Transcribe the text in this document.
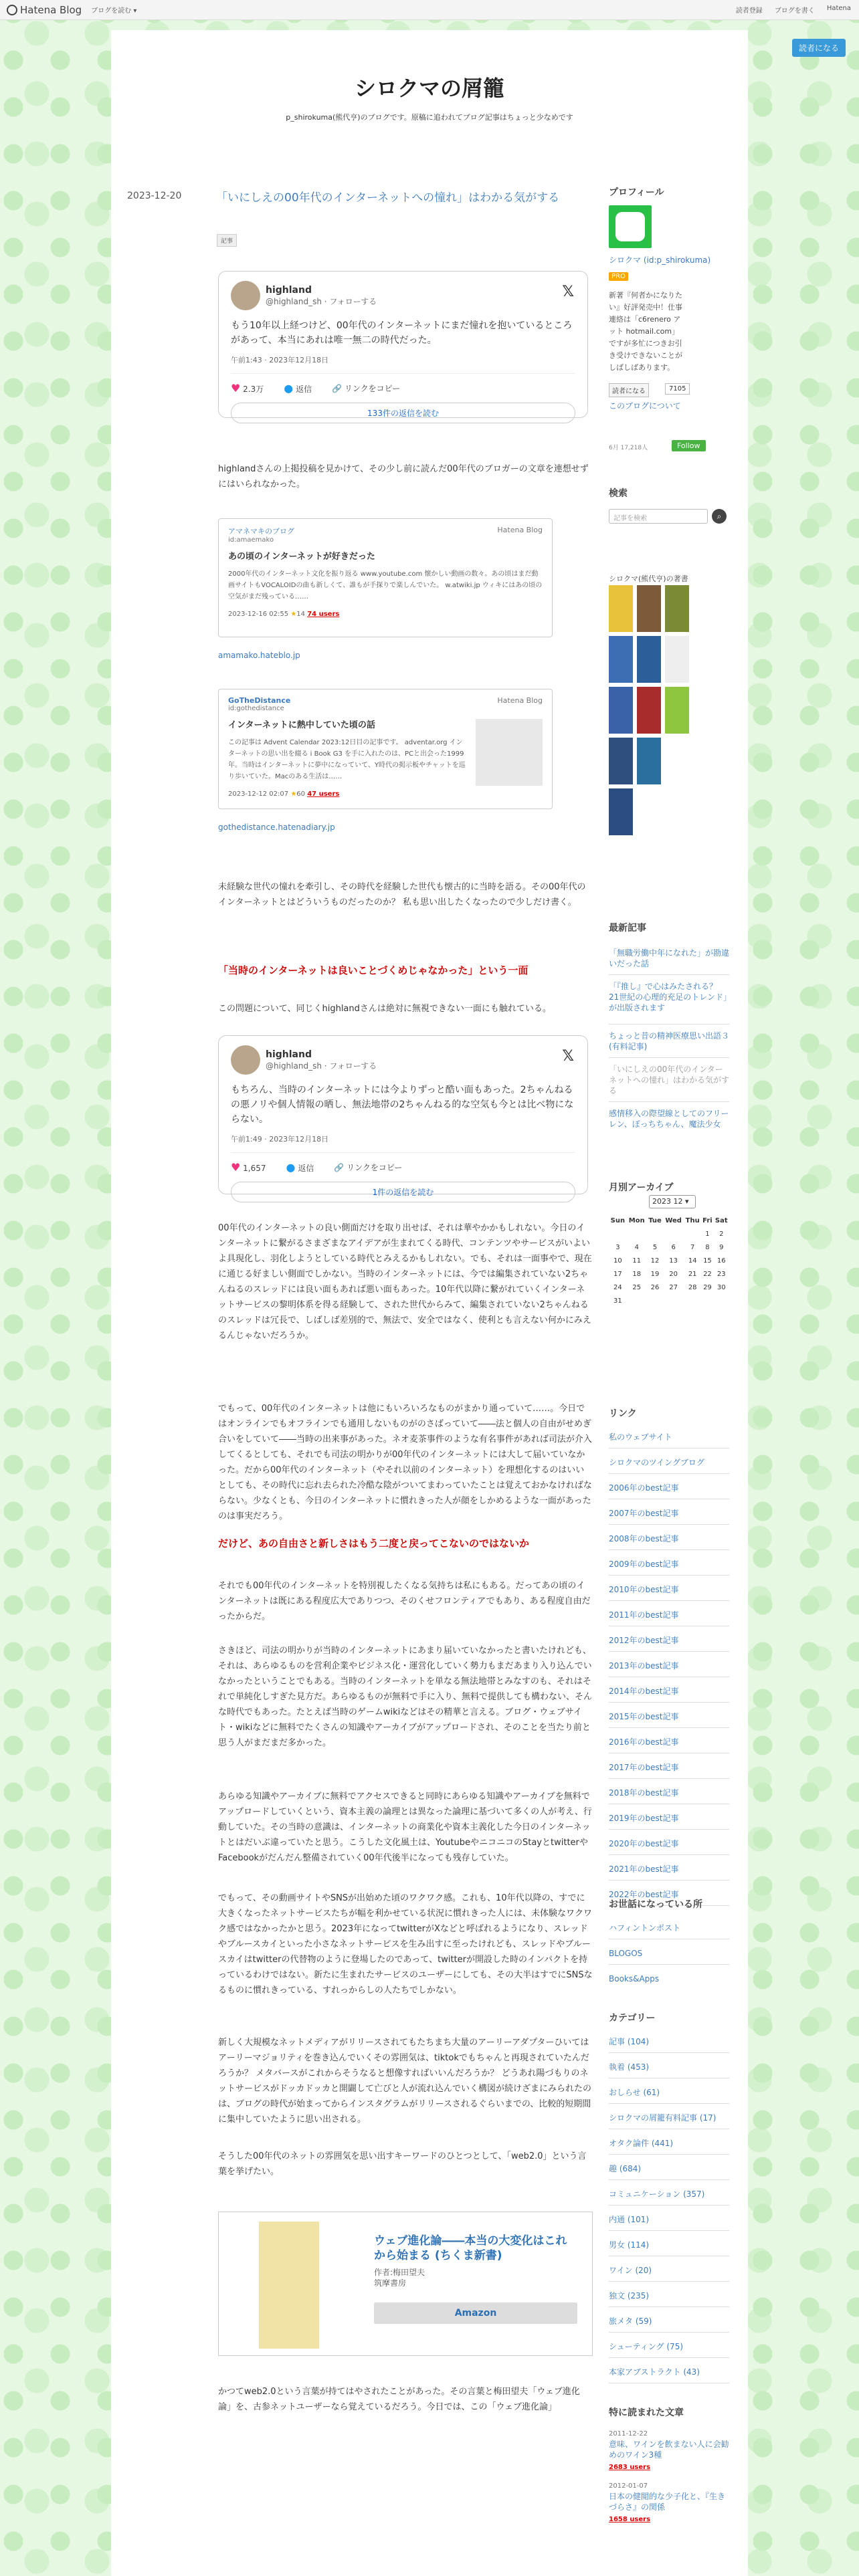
Hatena Blog ブログを読む ▾	読者登録 ブログを書く Hatena
読者になる
シロクマの屑籠

p_shirokuma(熊代亨)のブログです。原稿に追われてブログ記事はちょっと少なめです

2023-12-20	「いにしえの00年代のインターネットへの憧れ」はわかる気がする
記事
highland
@highland_sh · フォローする
𝕏
もう10年以上経つけど、00年代のインターネットにまだ憧れを抱いているところがあって、本当にあれは唯一無二の時代だった。
午前1:43 · 2023年12月18日
♥ 2.3万 ● 返信	🔗 リンクをコピー
133件の返信を読む
highlandさんの上掲投稿を見かけて、その少し前に読んだ00年代のブロガーの文章を連想せずにはいられなかった。
Hatena Blog
アマネマキのブログ
id:amaemako
あの頃のインターネットが好きだった
2000年代のインターネット文化を振り返る www.youtube.com 懐かしい動画の数々。あの頃はまだ動画サイトもVOCALOIDの曲も新しくて、誰もが手探りで楽しんでいた。 w.atwiki.jp ウィキにはあの頃の空気がまだ残っている……
2023-12-16 02:55 ★14 74 users
amamako.hateblo.jp
Hatena Blog
GoTheDistance
id:gothedistance
インターネットに熱中していた頃の話
この記事は Advent Calendar 2023:12日目の記事です。 adventar.org インターネットの思い出を綴る i Book G3 を手に入れたのは、PCと出会った1999年。当時はインターネットに夢中になっていて、Y時代の掲示板やチャットを巡り歩いていた。Macのある生活は……
2023-12-12 02:07 ★60 47 users
gothedistance.hatenadiary.jp
未経験な世代の憧れを牽引し、その時代を経験した世代も懐古的に当時を語る。その00年代のインターネットとはどういうものだったのか？ 私も思い出したくなったので少しだけ書く。
「当時のインターネットは良いことづくめじゃなかった」という一面
この問題について、同じくhighlandさんは絶対に無視できない一面にも触れている。
highland
@highland_sh · フォローする
𝕏
もちろん、当時のインターネットには今よりずっと酷い面もあった。2ちゃんねるの悪ノリや個人情報の晒し、無法地帯の2ちゃんねる的な空気も今とは比べ物にならない。
午前1:49 · 2023年12月18日
♥ 1,657 ● 返信	🔗 リンクをコピー
1件の返信を読む
00年代のインターネットの良い側面だけを取り出せば、それは華やかかもしれない。今日のインターネットに繋がるさまざまなアイデアが生まれてくる時代、コンテンツやサービスがいよいよ具現化し、羽化しようとしている時代とみえるかもしれない。でも、それは一面事やで、現在に通じる好ましい側面でしかない。当時のインターネットには、今では編集されていない2ちゃんねるのスレッドには良い面もあれば悪い面もあった。10年代以降に繋がれていくインターネットサービスの黎明体系を得る経験して、された世代からみて、編集されていない2ちゃんねるのスレッドは冗長で、しばしば差別的で、無法で、安全ではなく、使利とも言えない何かにみえるんじゃないだろうか。
でもって、00年代のインターネットは他にもいろいろなものがまかり通っていて……。今日ではオンラインでもオフラインでも通用しないものがのさばっていて――法と個人の自由がせめぎ合いをしていて――当時の出来事があった。ネオ麦茶事件のような有名事件があれば司法が介入してくるとしても、それでも司法の明かりが00年代のインターネットには大して届いていなかった。だから00年代のインターネット（やそれ以前のインターネット）を理想化するのはいいとしても、その時代に忘れ去られた冷酷な陰がついてまわっていたことは覚えておかなければならない。少なくとも、今日のインターネットに慣れきった人が顔をしかめるような一面があったのは事実だろう。
だけど、あの自由さと新しさはもう二度と戻ってこないのではないか
それでも00年代のインターネットを特別視したくなる気持ちは私にもある。だってあの頃のインターネットは既にある程度広大でありつつ、そのくせフロンティアでもあり、ある程度自由だったからだ。
さきほど、司法の明かりが当時のインターネットにあまり届いていなかったと書いたけれども、それは、あらゆるものを営利企業やビジネス化・運営化していく勢力もまだあまり入り込んでいなかったということでもある。当時のインターネットを単なる無法地帯とみなすのも、それはそれで単純化しすぎた見方だ。あらゆるものが無料で手に入り、無料で提供しても構わない、そんな時代でもあった。たとえば当時のゲームwikiなどはその精華と言える。ブログ・ウェブサイト・wikiなどに無料でたくさんの知識やアーカイブがアップロードされ、そのことを当たり前と思う人がまだまだ多かった。
あらゆる知識やアーカイブに無料でアクセスできると同時にあらゆる知識やアーカイブを無料でアップロードしていくという、資本主義の論理とは異なった論理に基づいて多くの人が考え、行動していた。その当時の意識は、インターネットの商業化や資本主義化した今日のインターネットとはだいぶ違っていたと思う。こうした文化風土は、YoutubeやニコニコのStayとtwitterやFacebookがだんだん整備されていく00年代後半になっても残存していた。
でもって、その動画サイトやSNSが出始めた頃のワクワク感。これも、10年代以降の、すでに大きくなったネットサービスたちが幅を利かせている状況に慣れきった人には、未体験なワクワク感ではなかったかと思う。2023年になってtwitterがXなどと呼ばれるようになり、スレッドやブルースカイといった小さなネットサービスを生み出すに至ったけれども、スレッドやブルースカイはtwitterの代替物のように登場したのであって、twitterが開設した時のインパクトを持っているわけではない。新たに生まれたサービスのユーザーにしても、その大半はすでにSNSなるものに慣れきっている、すれっからしの人たちでしかない。
新しく大規模なネットメディアがリリースされてもたちまち大量のアーリーアダプターひいてはアーリーマジョリティを巻き込んでいくその雰囲気は、tiktokでもちゃんと再現されていたんだろうか？ メタバースがこれからそうなると想像すればいいんだろうか？ どうあれ陽づもりのネットサービスがドッカドッカと開闢して亡びと人が流れ込んでいく構図が続けざまにみられたのは、ブログの時代が始まってからインスタグラムがリリースされるぐらいまでの、比較的短期間に集中していたように思い出される。
そうした00年代のネットの雰囲気を思い出すキーワードのひとつとして、「web2.0」という言葉を挙げたい。
ウェブ進化論――本当の大変化はこれから始まる (ちくま新書)
作者:梅田望夫
筑摩書房
Amazon
かつてweb2.0という言葉が持てはやされたことがあった。その言葉と梅田望夫「ウェブ進化論」を、古参ネットユーザーなら覚えているだろう。今日では、この「ウェブ進化論」
プロフィール
シロクマ (id:p_shirokuma)
PRO
新著『何者かになりたい』好評発売中！仕事連絡は「c6renero アット hotmail.com」ですが多忙につきお引き受けできないことがしばしばあります。
読者になる	7105
このブログについて
6月 17,218人	Follow
検索
記事を検索	⌕
シロクマ(熊代亨)の著書
最新記事
「無職労働中年になれた」が勘違いだった話
「『推し』で心はみたされる？ 21世紀の心理的充足のトレンド」が出版されます
ちょっと昔の精神医療思い出語３(有料記事)
「いにしえの00年代のインターネットへの憧れ」はわかる気がする
感情移入の際望線としてのフリーレン、ぼっちちゃん、魔法少女
月別アーカイブ
2023 12 ▾
Sun	Mon	Tue	Wed	Thu	Fri	Sat
					1	2
3	4	5	6	7	8	9
10	11	12	13	14	15	16
17	18	19	20	21	22	23
24	25	26	27	28	29	30
31						
リンク
私のウェブサイト
シロクマのツイングブログ
2006年のbest記事
2007年のbest記事
2008年のbest記事
2009年のbest記事
2010年のbest記事
2011年のbest記事
2012年のbest記事
2013年のbest記事
2014年のbest記事
2015年のbest記事
2016年のbest記事
2017年のbest記事
2018年のbest記事
2019年のbest記事
2020年のbest記事
2021年のbest記事
2022年のbest記事
お世話になっている所
ハフィントンポスト
BLOGOS
Books&Apps
カテゴリー
記事 (104)
執着 (453)
おしらせ (61)
シロクマの屑籠有料記事 (17)
オタク論件 (441)
趣 (684)
コミュニケーション (357)
内通 (101)
男女 (114)
ワイン (20)
独文 (235)
旅メタ (59)
シューティング (75)
本家アブストラクト (43)
特に読まれた文章
2011-12-22
意味、ワインを飲まない人に会勧めのワイン3種
2683 users
2012-01-07
日本の健閲的な少子化と、『生きづらさ』の関係
1658 users
